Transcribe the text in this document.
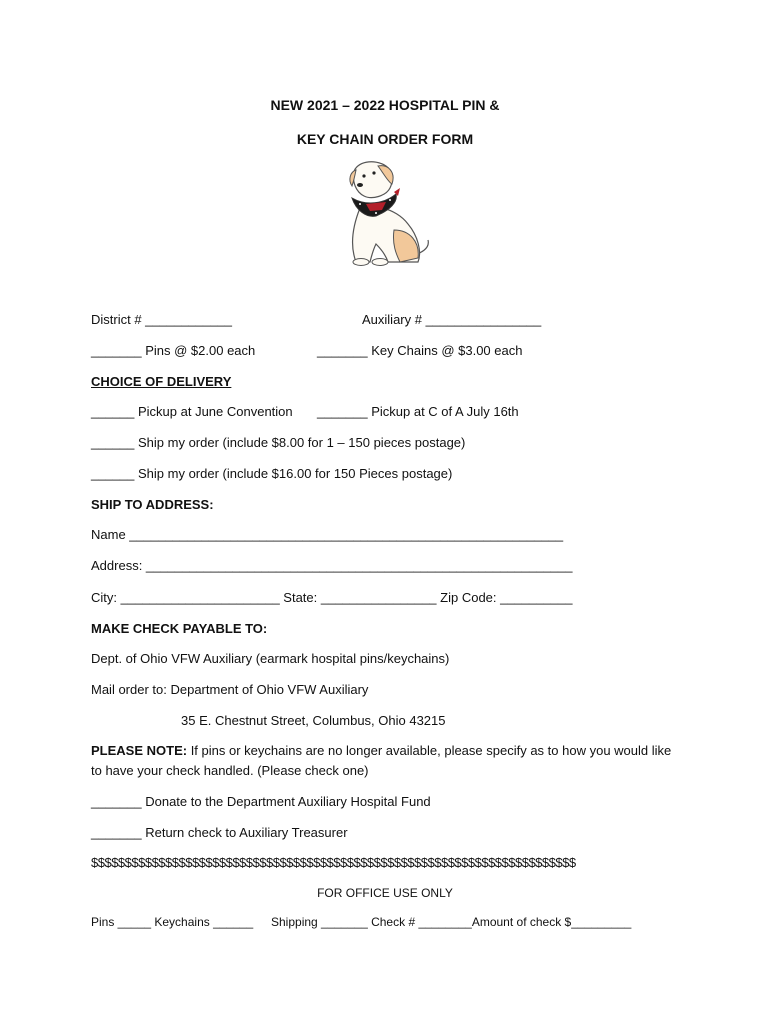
NEW 2021 – 2022 HOSPITAL PIN &
KEY CHAIN ORDER FORM
District # ____________	Auxiliary # ________________
_______ Pins @ $2.00 each	_______ Key Chains @ $3.00 each
CHOICE OF DELIVERY
______ Pickup at June Convention _______ Pickup at C of A July 16th
______ Ship my order (include $8.00 for 1 – 150 pieces postage)
______ Ship my order (include $16.00 for 150 Pieces postage)
SHIP TO ADDRESS:
Name ____________________________________________________________
Address: ___________________________________________________________
City: ______________________ State: ________________ Zip Code: __________
MAKE CHECK PAYABLE TO:
Dept. of Ohio VFW Auxiliary (earmark hospital pins/keychains)
Mail order to: Department of Ohio VFW Auxiliary
35 E. Chestnut Street, Columbus, Ohio 43215
PLEASE NOTE: If pins or keychains are no longer available, please specify as to how you would like to have your check handled. (Please check one)
_______ Donate to the Department Auxiliary Hospital Fund
_______ Return check to Auxiliary Treasurer
$$$$$$$$$$$$$$$$$$$$$$$$$$$$$$$$$$$$$$$$$$$$$$$$$$$$$$$$$$$$$$$$$$$$$$$$
FOR OFFICE USE ONLY
Pins _____ Keychains ______ Shipping _______ Check # ________Amount of check $_________
